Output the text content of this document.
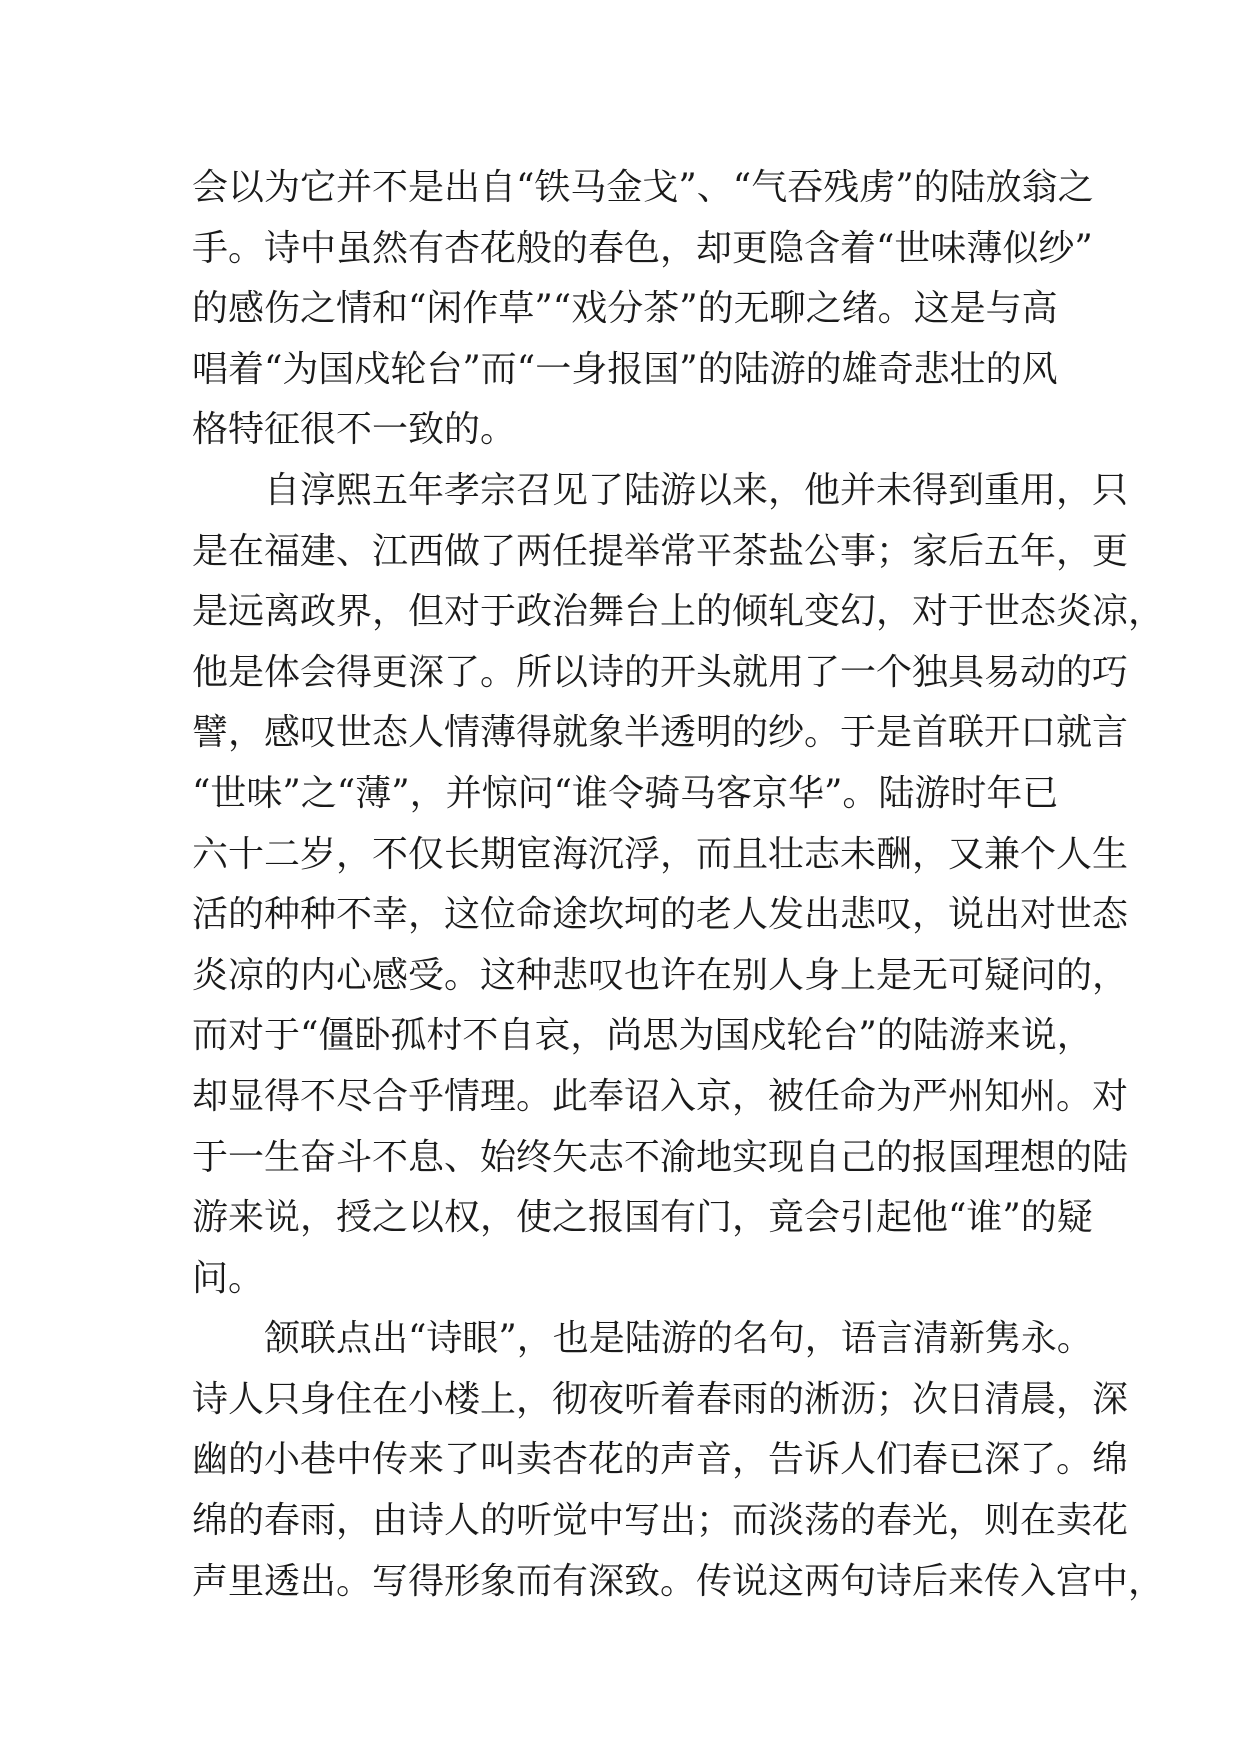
会以为它并不是出自“铁马金戈”、“气吞残虏”的陆放翁之
手。诗中虽然有杏花般的春色，却更隐含着“世味薄似纱”
的感伤之情和“闲作草”“戏分茶”的无聊之绪。这是与高
唱着“为国戍轮台”而“一身报国”的陆游的雄奇悲壮的风
格特征很不一致的。
自淳熙五年孝宗召见了陆游以来，他并未得到重用，只
是在福建、江西做了两任提举常平茶盐公事；家后五年，更
是远离政界，但对于政治舞台上的倾轧变幻，对于世态炎凉，
他是体会得更深了。所以诗的开头就用了一个独具易动的巧
譬，感叹世态人情薄得就象半透明的纱。于是首联开口就言
“世味”之“薄”，并惊问“谁令骑马客京华”。陆游时年已
六十二岁，不仅长期宦海沉浮，而且壮志未酬，又兼个人生
活的种种不幸，这位命途坎坷的老人发出悲叹，说出对世态
炎凉的内心感受。这种悲叹也许在别人身上是无可疑问的，
而对于“僵卧孤村不自哀，尚思为国戍轮台”的陆游来说，
却显得不尽合乎情理。此奉诏入京，被任命为严州知州。对
于一生奋斗不息、始终矢志不渝地实现自己的报国理想的陆
游来说，授之以权，使之报国有门，竟会引起他“谁”的疑
问。
颔联点出“诗眼”，也是陆游的名句，语言清新隽永。
诗人只身住在小楼上，彻夜听着春雨的淅沥；次日清晨，深
幽的小巷中传来了叫卖杏花的声音，告诉人们春已深了。绵
绵的春雨，由诗人的听觉中写出；而淡荡的春光，则在卖花
声里透出。写得形象而有深致。传说这两句诗后来传入宫中，
